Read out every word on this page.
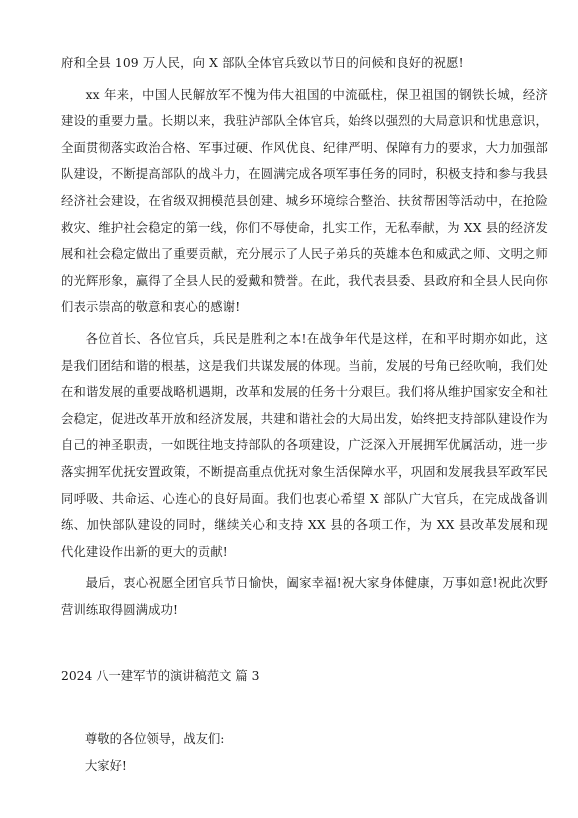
府和全县 109 万人民，向 X 部队全体官兵致以节日的问候和良好的祝愿!

xx 年来，中国人民解放军不愧为伟大祖国的中流砥柱，保卫祖国的钢铁长城，经济建设的重要力量。长期以来，我驻泸部队全体官兵，始终以强烈的大局意识和忧患意识，全面贯彻落实政治合格、军事过硬、作风优良、纪律严明、保障有力的要求，大力加强部队建设，不断提高部队的战斗力，在圆满完成各项军事任务的同时，积极支持和参与我县经济社会建设，在省级双拥模范县创建、城乡环境综合整治、扶贫帮困等活动中，在抢险救灾、维护社会稳定的第一线，你们不辱使命，扎实工作，无私奉献，为 XX 县的经济发展和社会稳定做出了重要贡献，充分展示了人民子弟兵的英雄本色和威武之师、文明之师的光辉形象，赢得了全县人民的爱戴和赞誉。在此，我代表县委、县政府和全县人民向你们表示崇高的敬意和衷心的感谢!

各位首长、各位官兵，兵民是胜利之本!在战争年代是这样，在和平时期亦如此，这是我们团结和谐的根基，这是我们共谋发展的体现。当前，发展的号角已经吹响，我们处在和谐发展的重要战略机遇期，改革和发展的任务十分艰巨。我们将从维护国家安全和社会稳定，促进改革开放和经济发展，共建和谐社会的大局出发，始终把支持部队建设作为自己的神圣职责，一如既往地支持部队的各项建设，广泛深入开展拥军优属活动，进一步落实拥军优抚安置政策，不断提高重点优抚对象生活保障水平，巩固和发展我县军政军民同呼吸、共命运、心连心的良好局面。我们也衷心希望 X 部队广大官兵，在完成战备训练、加快部队建设的同时，继续关心和支持 XX 县的各项工作，为 XX 县改革发展和现代化建设作出新的更大的贡献!

最后，衷心祝愿全团官兵节日愉快，阖家幸福!祝大家身体健康，万事如意!祝此次野营训练取得圆满成功!

2024 八一建军节的演讲稿范文 篇 3

尊敬的各位领导，战友们:

大家好!
